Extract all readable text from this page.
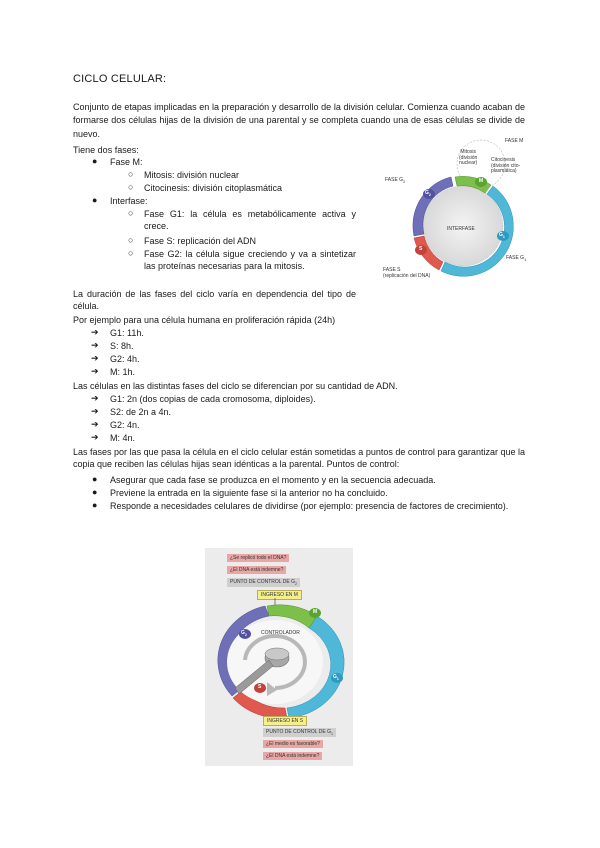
CICLO CELULAR:
Conjunto de etapas implicadas en la preparación y desarrollo de la división celular. Comienza cuando acaban de formarse dos células hijas de la división de una parental y se completa cuando una de esas células se divide de nuevo.
Tiene dos fases:
● Fase M:
○ Mitosis: división nuclear
○ Citocinesis: división citoplasmática
● Interfase:
○ Fase G1: la célula es metabólicamente activa y crece.
○ Fase S: replicación del ADN
○ Fase G2: la célula sigue creciendo y va a sintetizar las proteínas necesarias para la mitosis.
La duración de las fases del ciclo varía en dependencia del tipo de célula.
Por ejemplo para una célula humana en proliferación rápida (24h)
➔ G1: 11h.
➔ S: 8h.
➔ G2: 4h.
➔ M: 1h.
Las células en las distintas fases del ciclo se diferencian por su cantidad de ADN.
➔ G1: 2n (dos copias de cada cromosoma, diploides).
➔ S2: de 2n a 4n.
➔ G2: 4n.
➔ M: 4n.
Las fases por las que pasa la célula en el ciclo celular están sometidas a puntos de control para garantizar que la copia que reciben las células hijas sean idénticas a la parental. Puntos de control:
● Asegurar que cada fase se produzca en el momento y en la secuencia adecuada.
● Previene la entrada en la siguiente fase si la anterior no ha concluido.
● Responde a necesidades celulares de dividirse (por ejemplo: presencia de factores de crecimiento).
FASE M
Mitosis
(división
nuclear)
Citocinesis
(división cito-
plasmática)
FASE $G_2$
INTERFASE
FASE $G_1$
FASE S
(replicación del DNA)
$G_2$
M
S
$G_1$
¿Se replicó todo el DNA?
¿El DNA está indemne?
PUNTO DE CONTROL DE $G_2$
INGRESO EN M
CONTROLADOR
M
$G_2$
S
$G_1$
INGRESO EN S
PUNTO DE CONTROL DE $G_1$
¿El medio es favorable?
¿El DNA está indemne?
